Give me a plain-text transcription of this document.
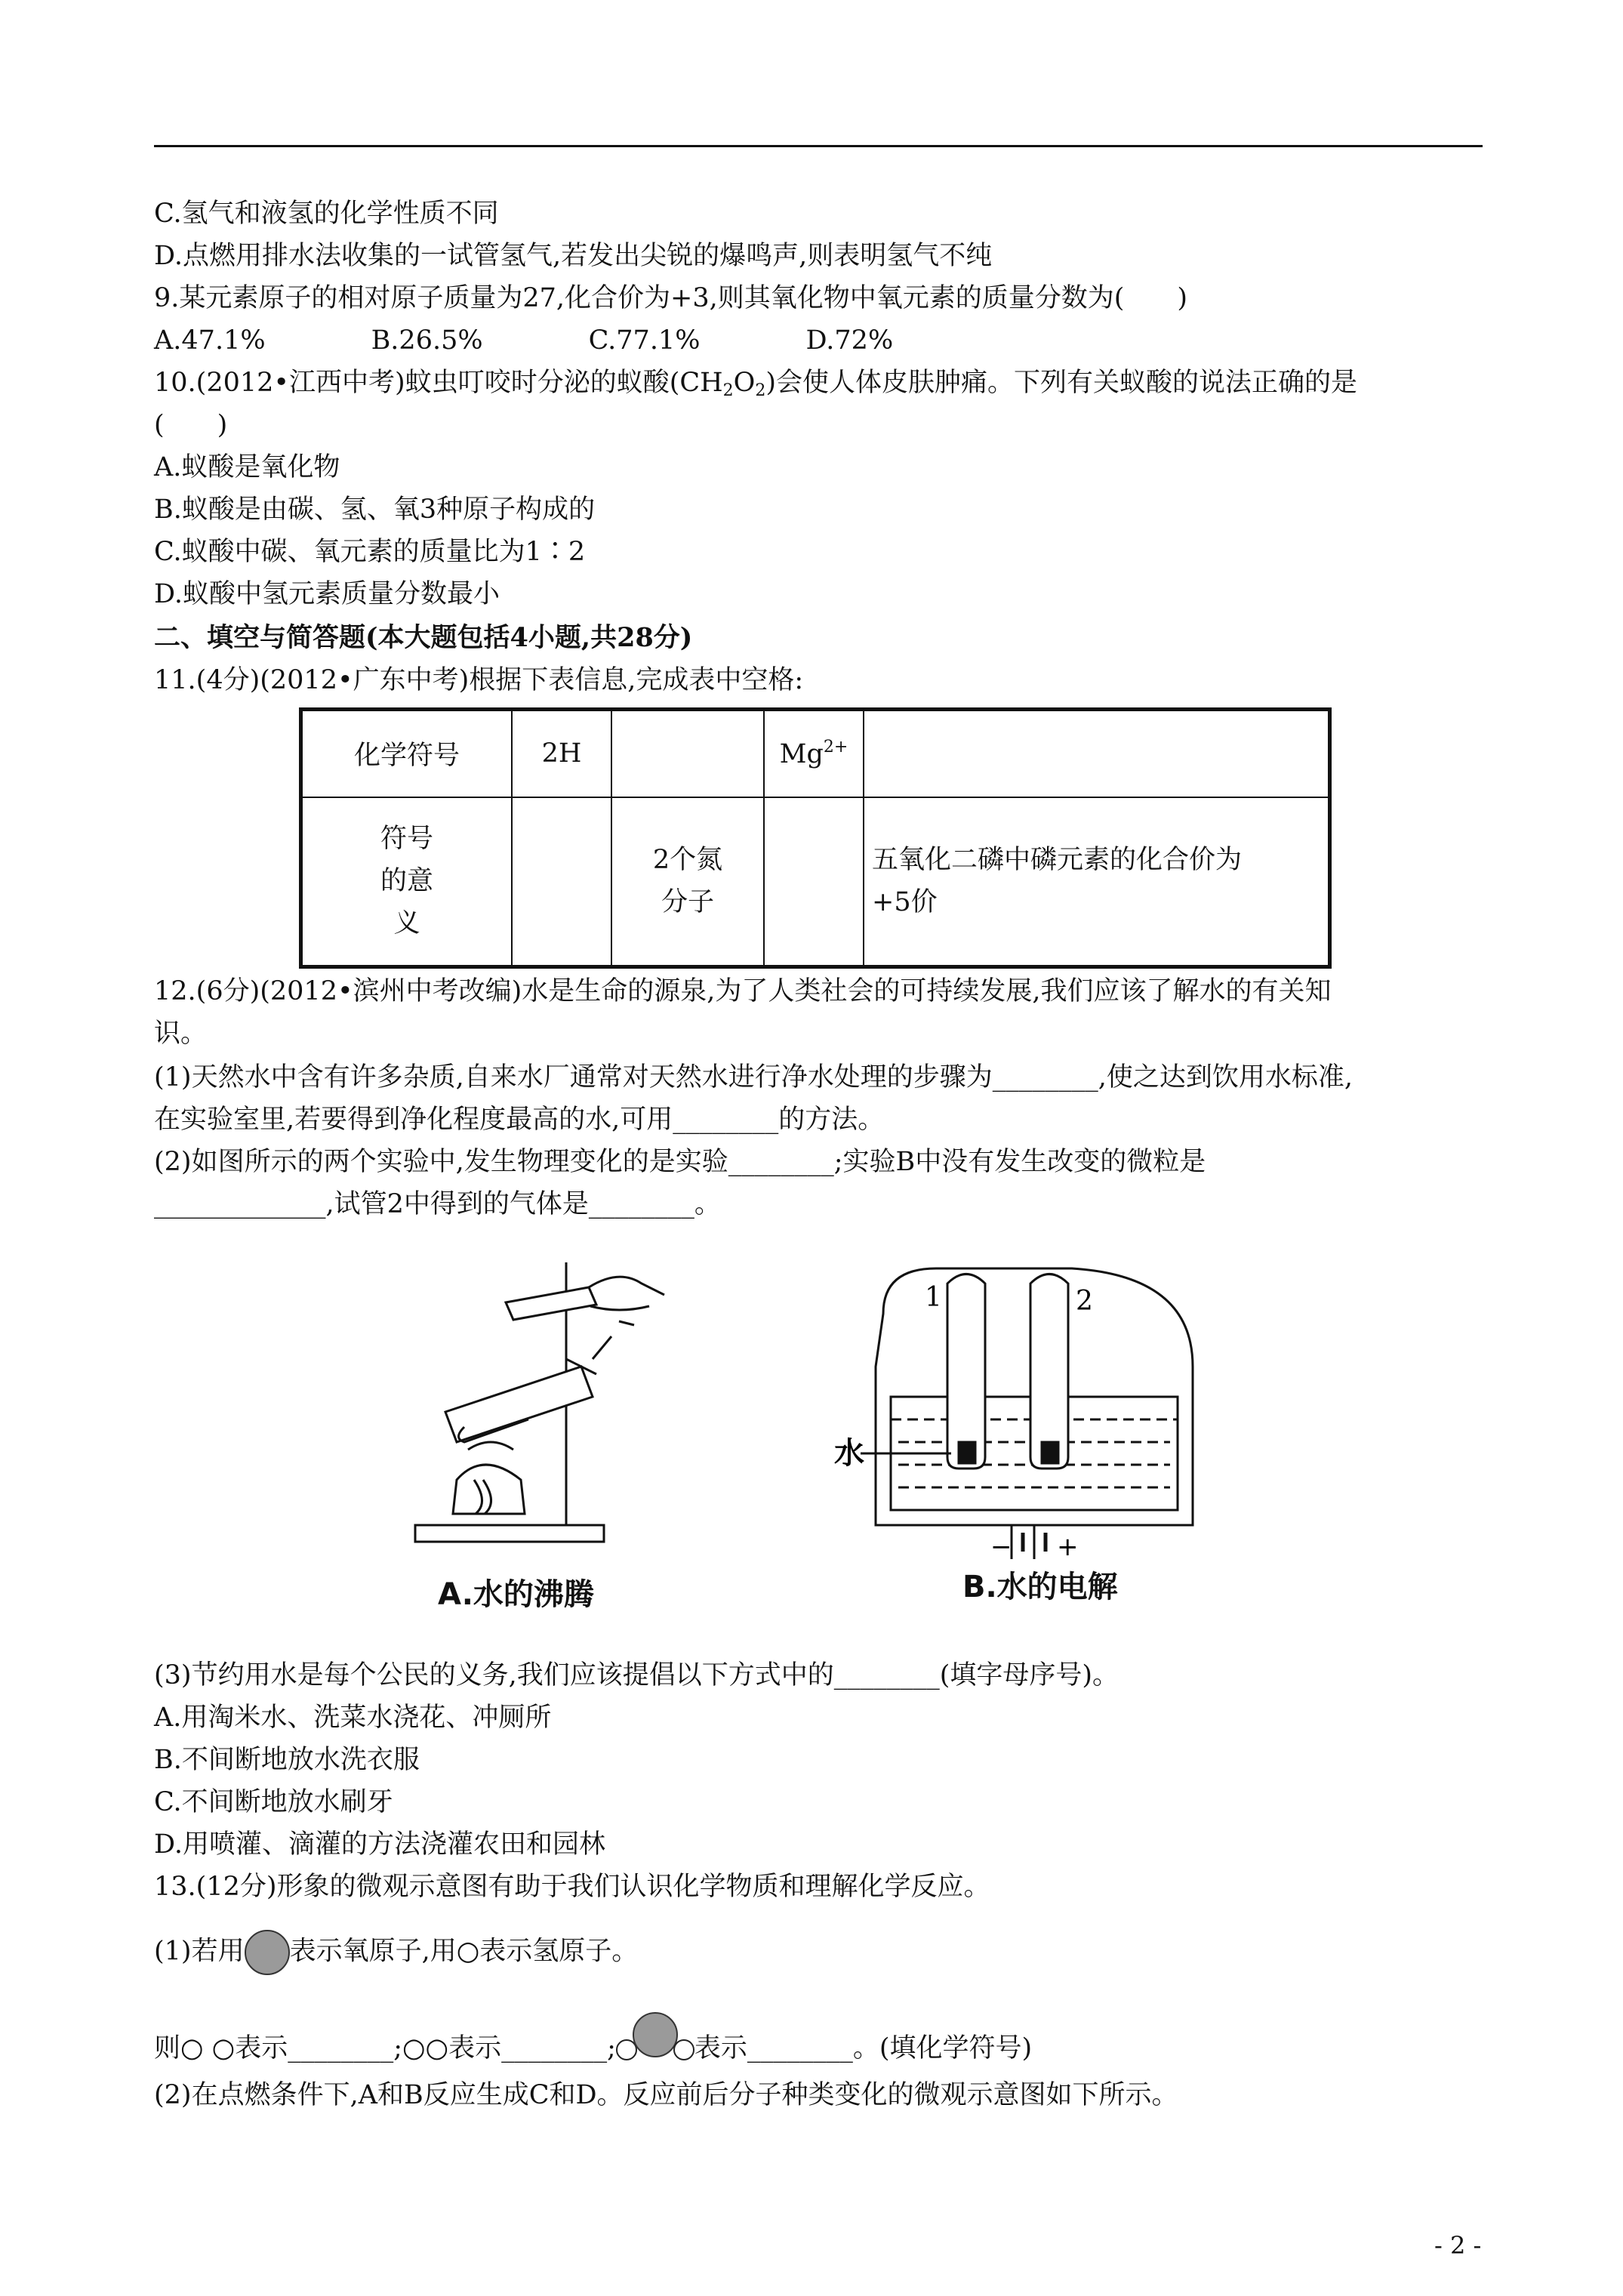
C.氢气和液氢的化学性质不同
D.点燃用排水法收集的一试管氢气,若发出尖锐的爆鸣声,则表明氢气不纯
9.某元素原子的相对原子质量为27,化合价为+3,则其氧化物中氧元素的质量分数为(　　)
A.47.1%　　　　B.26.5%　　　　C.77.1%　　　　D.72%
10.(2012•江西中考)蚊虫叮咬时分泌的蚁酸$(CH_2O_2)$会使人体皮肤肿痛。下列有关蚁酸的说法正确的是
(　　)
A.蚁酸是氧化物
B.蚁酸是由碳、氢、氧3种原子构成的
C.蚁酸中碳、氧元素的质量比为1∶2
D.蚁酸中氢元素质量分数最小
二、填空与简答题(本大题包括4小题,共28分)
11.(4分)(2012•广东中考)根据下表信息,完成表中空格:
化学符号	2H		$Mg^{2+}$	

符号的意义		2个氮分子		五氧化二磷中磷元素的化合价为+5价
12.(6分)(2012•滨州中考改编)水是生命的源泉,为了人类社会的可持续发展,我们应该了解水的有关知
识。
(1)天然水中含有许多杂质,自来水厂通常对天然水进行净水处理的步骤为________,使之达到饮用水标准,
在实验室里,若要得到净化程度最高的水,可用________的方法。
(2)如图所示的两个实验中,发生物理变化的是实验________;实验B中没有发生改变的微粒是
_____________,试管2中得到的气体是________。
水
1	2
− +
A.水的沸腾	B.水的电解
(3)节约用水是每个公民的义务,我们应该提倡以下方式中的________(填字母序号)。
A.用淘米水、洗菜水浇花、冲厕所
B.不间断地放水洗衣服
C.不间断地放水刷牙
D.用喷灌、滴灌的方法浇灌农田和园林
13.(12分)形象的微观示意图有助于我们认识化学物质和理解化学反应。
(1)若用 表示氧原子,用○表示氢原子。
则○ ○表示________;○○表示________;	表示________。(填化学符号)
(2)在点燃条件下,A和B反应生成C和D。反应前后分子种类变化的微观示意图如下所示。
- 2 -
